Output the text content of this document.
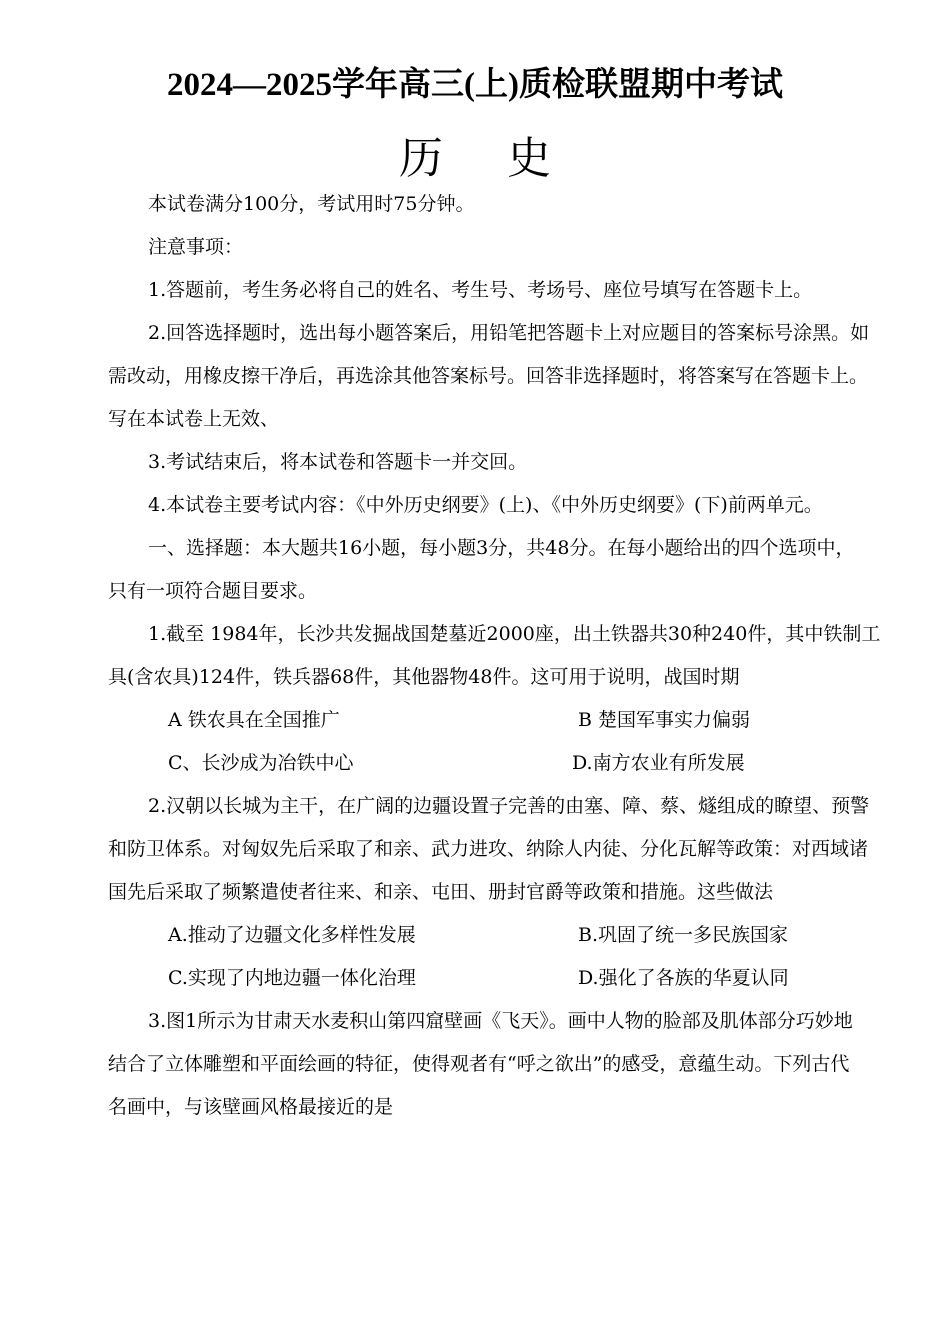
2024—2025学年高三(上)质检联盟期中考试
历史
本试卷满分100分，考试用时75分钟。
注意事项：
1.答题前，考生务必将自己的姓名、考生号、考场号、座位号填写在答题卡上。
2.回答选择题时，选出每小题答案后，用铅笔把答题卡上对应题目的答案标号涂黑。如
需改动，用橡皮擦干净后，再选涂其他答案标号。回答非选择题时，将答案写在答题卡上。
写在本试卷上无效、
3.考试结束后，将本试卷和答题卡一并交回。
4.本试卷主要考试内容：《中外历史纲要》(上)、《中外历史纲要》(下)前两单元。
一、选择题：本大题共16小题，每小题3分，共48分。在每小题给出的四个选项中，
只有一项符合题目要求。
1.截至 1984年，长沙共发掘战国楚墓近2000座，出土铁器共30种240件，其中铁制工
具(含农具)124件，铁兵器68件，其他器物48件。这可用于说明，战国时期
A 铁农具在全国推广	B 楚国军事实力偏弱
C、长沙成为冶铁中心	D.南方农业有所发展
2.汉朝以长城为主干，在广阔的边疆设置子完善的由塞、障、蔡、燧组成的瞭望、预警
和防卫体系。对匈奴先后采取了和亲、武力进攻、纳除人内徒、分化瓦解等政策：对西域诸
国先后采取了频繁遣使者往来、和亲、屯田、册封官爵等政策和措施。这些做法
A.推动了边疆文化多样性发展	B.巩固了统一多民族国家
C.实现了内地边疆一体化治理	D.强化了各族的华夏认同
3.图1所示为甘肃天水麦积山第四窟壁画《飞天》。画中人物的脸部及肌体部分巧妙地
结合了立体雕塑和平面绘画的特征，使得观者有“呼之欲出”的感受，意蕴生动。下列古代
名画中，与该壁画风格最接近的是
